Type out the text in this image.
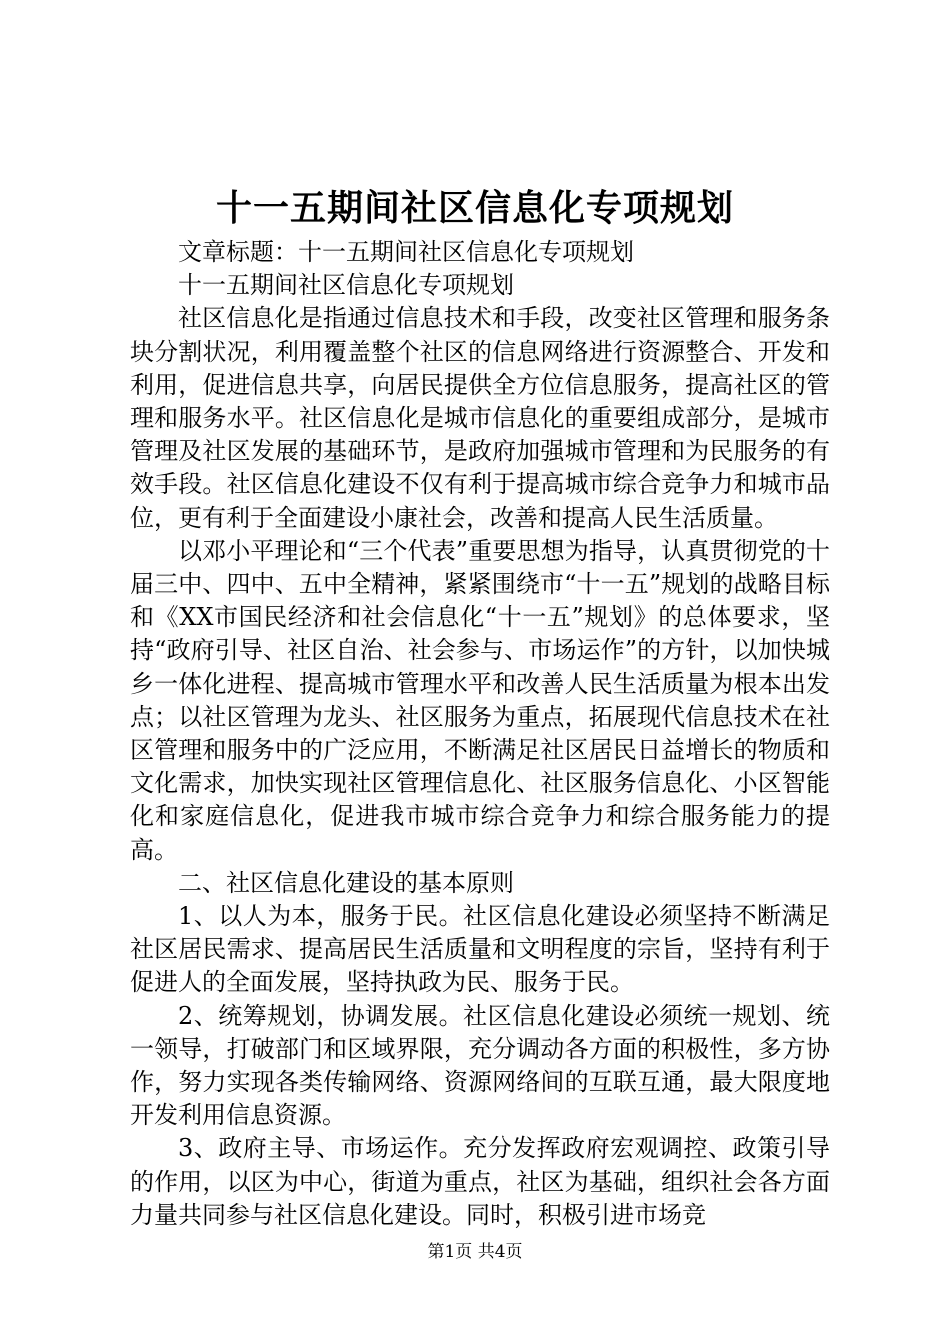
十一五期间社区信息化专项规划

文章标题：十一五期间社区信息化专项规划

十一五期间社区信息化专项规划

社区信息化是指通过信息技术和手段，改变社区管理和服务条块分割状况，利用覆盖整个社区的信息网络进行资源整合、开发和利用，促进信息共享，向居民提供全方位信息服务，提高社区的管理和服务水平。社区信息化是城市信息化的重要组成部分，是城市管理及社区发展的基础环节，是政府加强城市管理和为民服务的有效手段。社区信息化建设不仅有利于提高城市综合竞争力和城市品位，更有利于全面建设小康社会，改善和提高人民生活质量。

以邓小平理论和“三个代表”重要思想为指导，认真贯彻党的十届三中、四中、五中全精神，紧紧围绕市“十一五”规划的战略目标和《XX市国民经济和社会信息化“十一五”规划》的总体要求，坚持“政府引导、社区自治、社会参与、市场运作”的方针，以加快城乡一体化进程、提高城市管理水平和改善人民生活质量为根本出发点；以社区管理为龙头、社区服务为重点，拓展现代信息技术在社区管理和服务中的广泛应用，不断满足社区居民日益增长的物质和文化需求，加快实现社区管理信息化、社区服务信息化、小区智能化和家庭信息化，促进我市城市综合竞争力和综合服务能力的提高。

二、社区信息化建设的基本原则

1、以人为本，服务于民。社区信息化建设必须坚持不断满足社区居民需求、提高居民生活质量和文明程度的宗旨，坚持有利于促进人的全面发展，坚持执政为民、服务于民。

2、统筹规划，协调发展。社区信息化建设必须统一规划、统一领导，打破部门和区域界限，充分调动各方面的积极性，多方协作，努力实现各类传输网络、资源网络间的互联互通，最大限度地开发利用信息资源。

3、政府主导、市场运作。充分发挥政府宏观调控、政策引导的作用，以区为中心，街道为重点，社区为基础，组织社会各方面力量共同参与社区信息化建设。同时，积极引进市场竞

第1页 共4页
